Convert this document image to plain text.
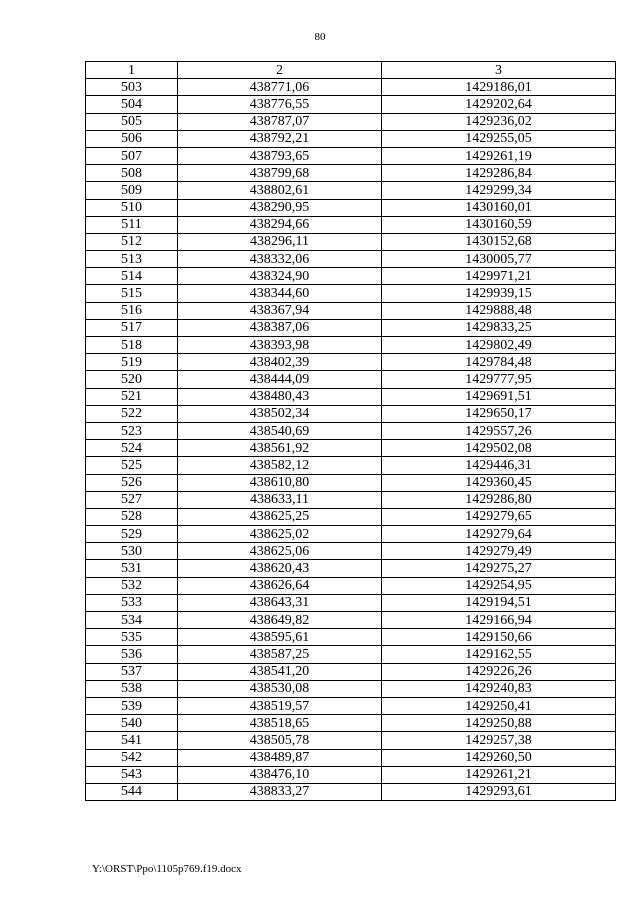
80
1	2	3
503	438771,06	1429186,01
504	438776,55	1429202,64
505	438787,07	1429236,02
506	438792,21	1429255,05
507	438793,65	1429261,19
508	438799,68	1429286,84
509	438802,61	1429299,34
510	438290,95	1430160,01
511	438294,66	1430160,59
512	438296,11	1430152,68
513	438332,06	1430005,77
514	438324,90	1429971,21
515	438344,60	1429939,15
516	438367,94	1429888,48
517	438387,06	1429833,25
518	438393,98	1429802,49
519	438402,39	1429784,48
520	438444,09	1429777,95
521	438480,43	1429691,51
522	438502,34	1429650,17
523	438540,69	1429557,26
524	438561,92	1429502,08
525	438582,12	1429446,31
526	438610,80	1429360,45
527	438633,11	1429286,80
528	438625,25	1429279,65
529	438625,02	1429279,64
530	438625,06	1429279,49
531	438620,43	1429275,27
532	438626,64	1429254,95
533	438643,31	1429194,51
534	438649,82	1429166,94
535	438595,61	1429150,66
536	438587,25	1429162,55
537	438541,20	1429226,26
538	438530,08	1429240,83
539	438519,57	1429250,41
540	438518,65	1429250,88
541	438505,78	1429257,38
542	438489,87	1429260,50
543	438476,10	1429261,21
544	438833,27	1429293,61
Y:\ORST\Ppo\1105p769.f19.docx
